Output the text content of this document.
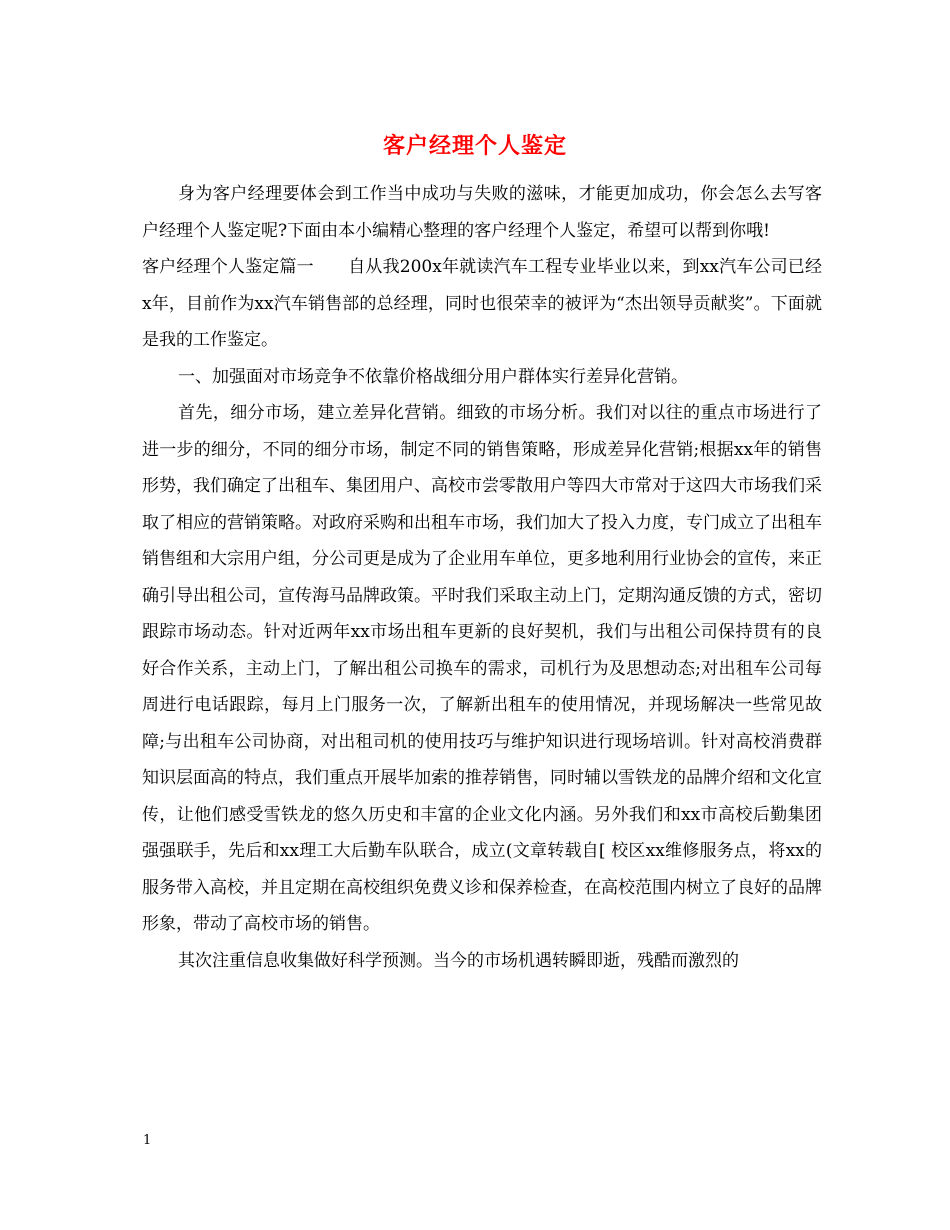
客户经理个人鉴定

身为客户经理要体会到工作当中成功与失败的滋味，才能更加成功，你会怎么去写客户经理个人鉴定呢?下面由本小编精心整理的客户经理个人鉴定，希望可以帮到你哦!

客户经理个人鉴定篇一　　自从我200x年就读汽车工程专业毕业以来，到xx汽车公司已经x年，目前作为xx汽车销售部的总经理，同时也很荣幸的被评为“杰出领导贡献奖”。下面就是我的工作鉴定。

一、加强面对市场竞争不依靠价格战细分用户群体实行差异化营销。

首先，细分市场，建立差异化营销。细致的市场分析。我们对以往的重点市场进行了进一步的细分，不同的细分市场，制定不同的销售策略，形成差异化营销;根据xx年的销售形势，我们确定了出租车、集团用户、高校市尝零散用户等四大市常对于这四大市场我们采取了相应的营销策略。对政府采购和出租车市场，我们加大了投入力度，专门成立了出租车销售组和大宗用户组，分公司更是成为了企业用车单位，更多地利用行业协会的宣传，来正确引导出租公司，宣传海马品牌政策。平时我们采取主动上门，定期沟通反馈的方式，密切跟踪市场动态。针对近两年xx市场出租车更新的良好契机，我们与出租公司保持贯有的良好合作关系，主动上门，了解出租公司换车的需求，司机行为及思想动态;对出租车公司每周进行电话跟踪，每月上门服务一次，了解新出租车的使用情况，并现场解决一些常见故障;与出租车公司协商，对出租司机的使用技巧与维护知识进行现场培训。针对高校消费群知识层面高的特点，我们重点开展毕加索的推荐销售，同时辅以雪铁龙的品牌介绍和文化宣传，让他们感受雪铁龙的悠久历史和丰富的企业文化内涵。另外我们和xx市高校后勤集团强强联手，先后和xx理工大后勤车队联合，成立(文章转载自[ 校区xx维修服务点，将xx的服务带入高校，并且定期在高校组织免费义诊和保养检查，在高校范围内树立了良好的品牌形象，带动了高校市场的销售。

其次注重信息收集做好科学预测。当今的市场机遇转瞬即逝，残酷而激烈的

1
